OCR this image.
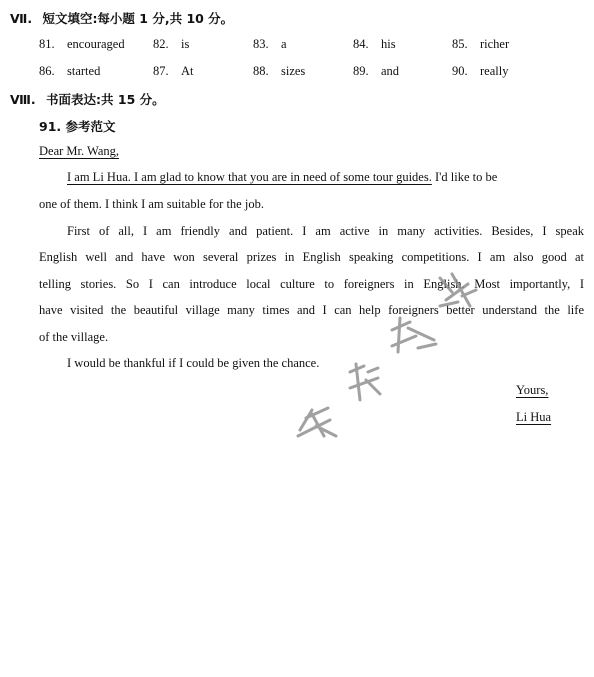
Ⅶ. 短文填空:每小题 1 分,共 10 分。
81. encouraged 82. is	83. a	84. his	85. richer
86. started	87. At	88. sizes	89. and	90. really
Ⅷ. 书面表达:共 15 分。
91. 参考范文
Dear Mr. Wang,
I am Li Hua. I am glad to know that you are in need of some tour guides. I'd like to be
one of them. I think I am suitable for the job.
First of all, I am friendly and patient. I am active in many activities. Besides, I speak
English well and have won several prizes in English speaking competitions. I am also good at
telling stories. So I can introduce local culture to foreigners in English. Most importantly, I
have visited the beautiful village many times and I can help foreigners better understand the life
of the village.
I would be thankful if I could be given the chance.
Yours,
Li Hua
